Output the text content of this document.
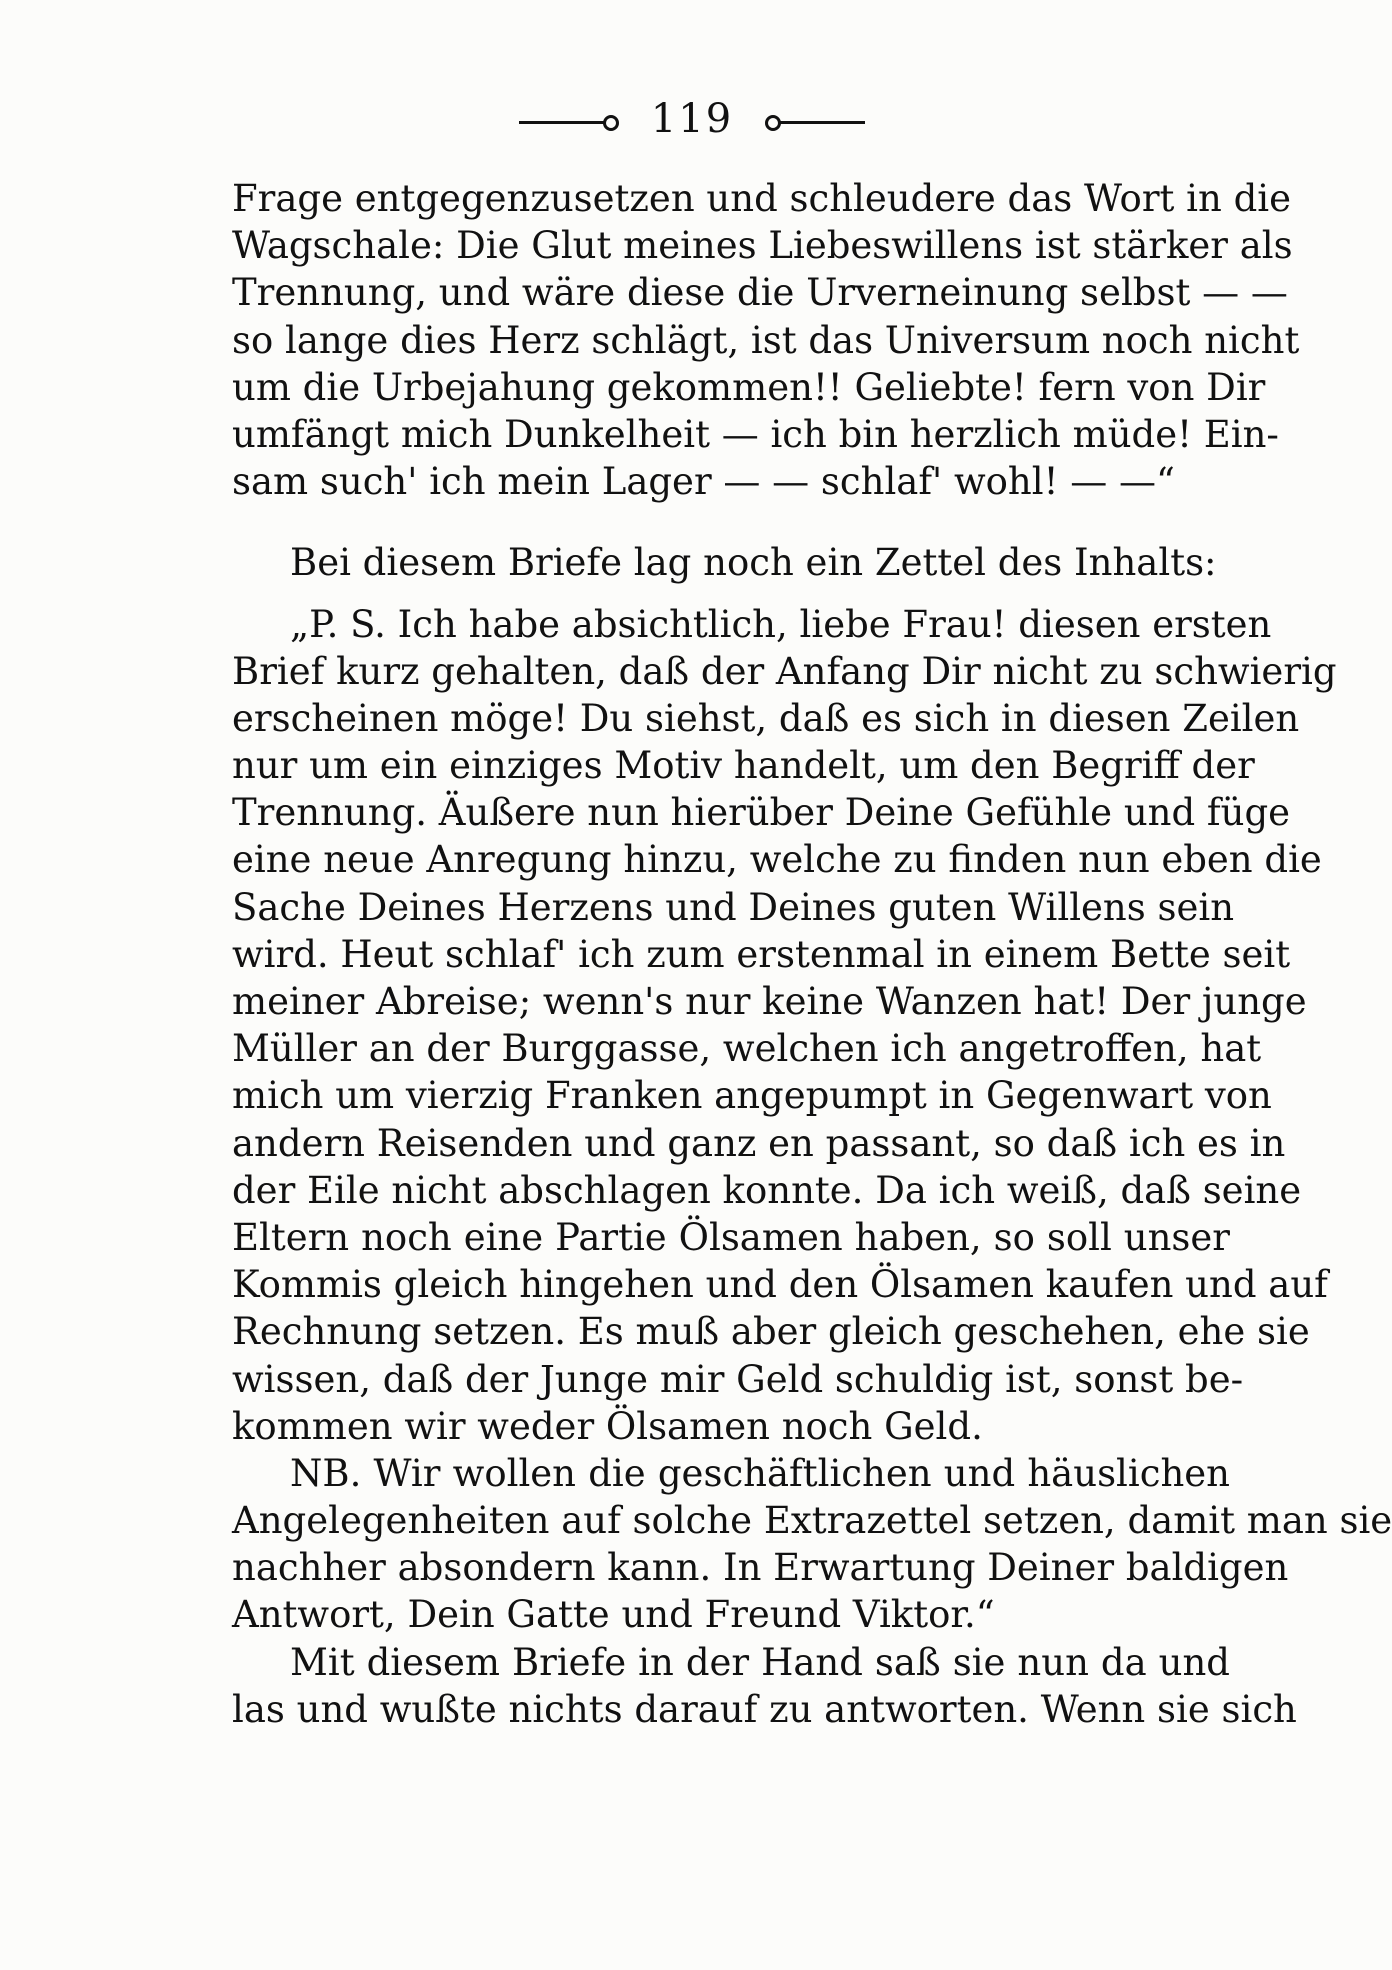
119
Frage entgegenzusetzen und schleudere das Wort in die
Wagschale: Die Glut meines Liebeswillens ist stärker als
Trennung, und wäre diese die Urverneinung selbst — —
so lange dies Herz schlägt, ist das Universum noch nicht
um die Urbejahung gekommen!! Geliebte! fern von Dir
umfängt mich Dunkelheit — ich bin herzlich müde! Ein-
sam such' ich mein Lager — — schlaf' wohl! — —“
Bei diesem Briefe lag noch ein Zettel des Inhalts:
„P. S. Ich habe absichtlich, liebe Frau! diesen ersten
Brief kurz gehalten, daß der Anfang Dir nicht zu schwierig
erscheinen möge! Du siehst, daß es sich in diesen Zeilen
nur um ein einziges Motiv handelt, um den Begriff der
Trennung. Äußere nun hierüber Deine Gefühle und füge
eine neue Anregung hinzu, welche zu finden nun eben die
Sache Deines Herzens und Deines guten Willens sein
wird. Heut schlaf' ich zum erstenmal in einem Bette seit
meiner Abreise; wenn's nur keine Wanzen hat! Der junge
Müller an der Burggasse, welchen ich angetroffen, hat
mich um vierzig Franken angepumpt in Gegenwart von
andern Reisenden und ganz en passant, so daß ich es in
der Eile nicht abschlagen konnte. Da ich weiß, daß seine
Eltern noch eine Partie Ölsamen haben, so soll unser
Kommis gleich hingehen und den Ölsamen kaufen und auf
Rechnung setzen. Es muß aber gleich geschehen, ehe sie
wissen, daß der Junge mir Geld schuldig ist, sonst be-
kommen wir weder Ölsamen noch Geld.
NB. Wir wollen die geschäftlichen und häuslichen
Angelegenheiten auf solche Extrazettel setzen, damit man sie
nachher absondern kann. In Erwartung Deiner baldigen
Antwort, Dein Gatte und Freund Viktor.“
Mit diesem Briefe in der Hand saß sie nun da und
las und wußte nichts darauf zu antworten. Wenn sie sich
